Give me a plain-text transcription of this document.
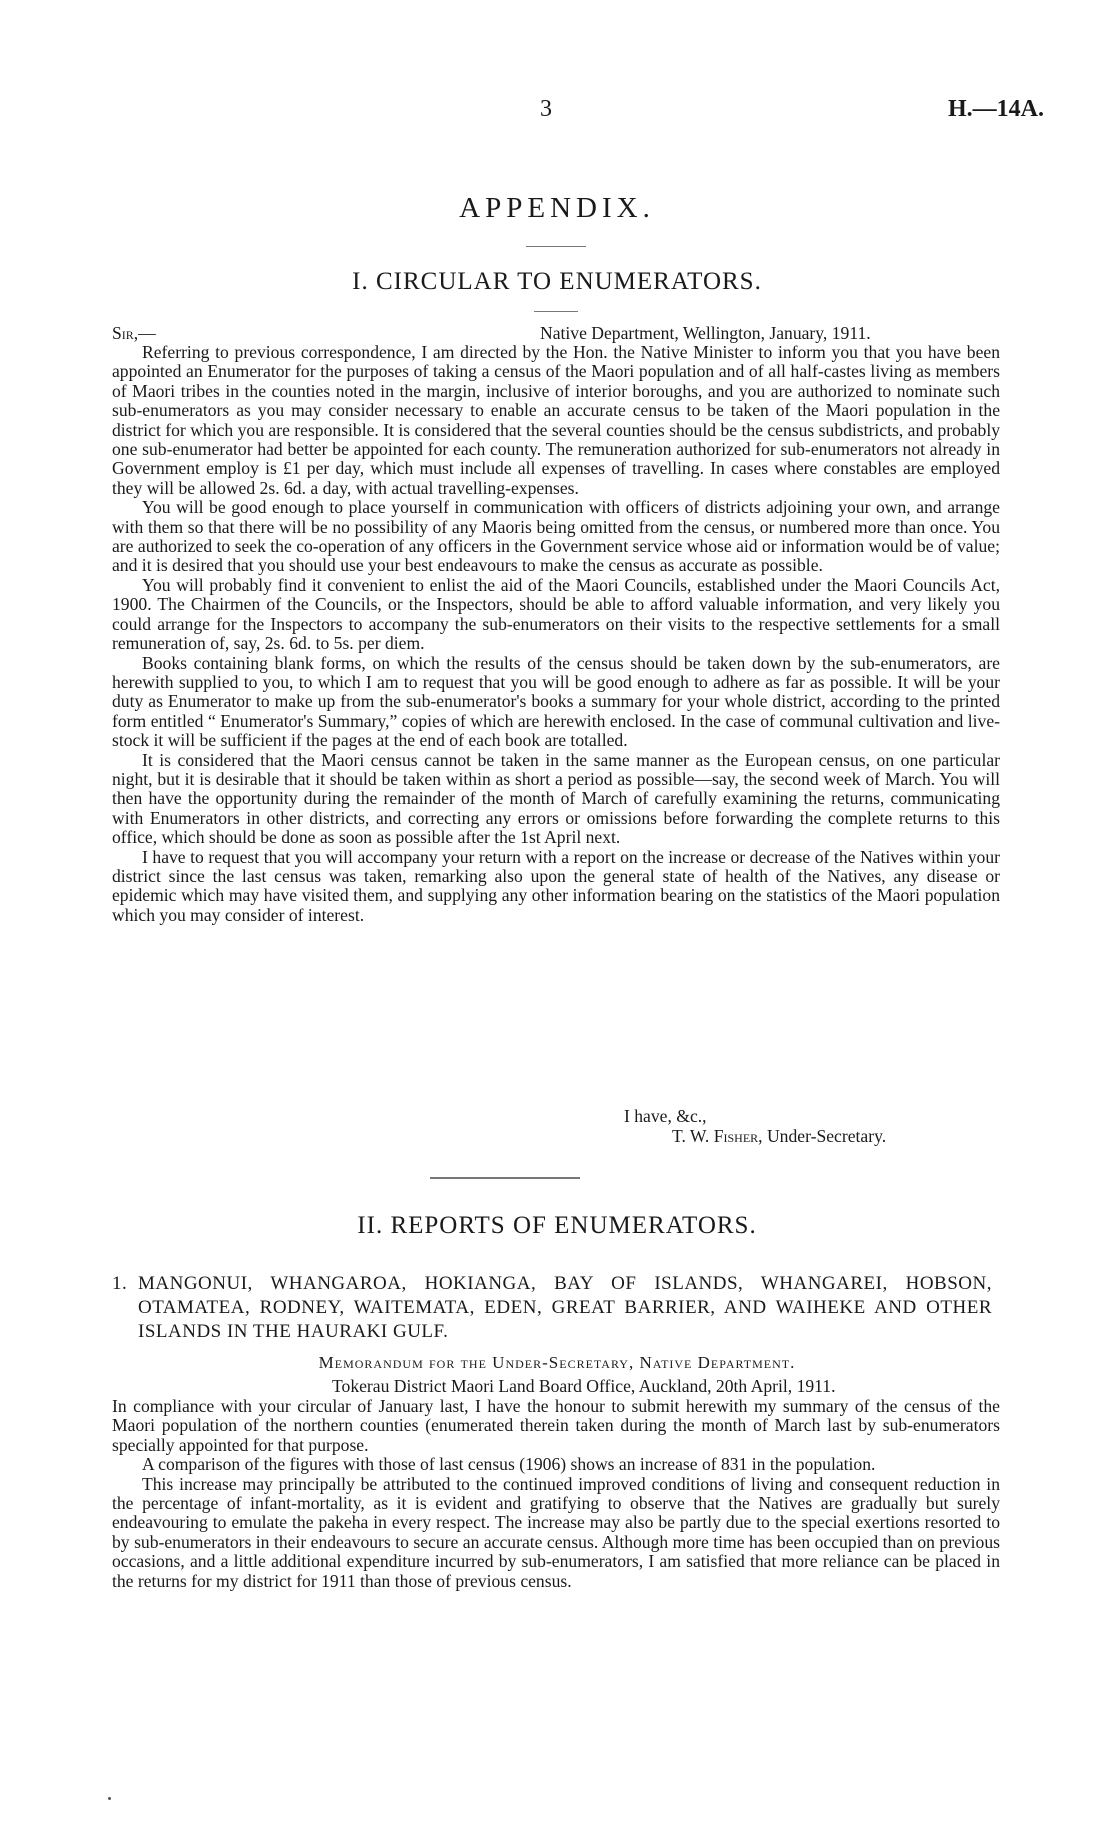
3	H.—14A.
APPENDIX.
I. CIRCULAR TO ENUMERATORS.
Sir,—	Native Department, Wellington, January, 1911.

Referring to previous correspondence, I am directed by the Hon. the Native Minister to inform you that you have been appointed an Enumerator for the purposes of taking a census of the Maori population and of all half-castes living as members of Maori tribes in the counties noted in the margin, inclusive of interior boroughs, and you are authorized to nominate such sub-enumerators as you may consider necessary to enable an accurate census to be taken of the Maori population in the district for which you are responsible. It is considered that the several counties should be the census subdistricts, and probably one sub-enumerator had better be appointed for each county. The remuneration authorized for sub-enumerators not already in Government employ is £1 per day, which must include all expenses of travelling. In cases where constables are employed they will be allowed 2s. 6d. a day, with actual travelling-expenses.

You will be good enough to place yourself in communication with officers of districts adjoining your own, and arrange with them so that there will be no possibility of any Maoris being omitted from the census, or numbered more than once. You are authorized to seek the co-operation of any officers in the Government service whose aid or information would be of value; and it is desired that you should use your best endeavours to make the census as accurate as possible.

You will probably find it convenient to enlist the aid of the Maori Councils, established under the Maori Councils Act, 1900. The Chairmen of the Councils, or the Inspectors, should be able to afford valuable information, and very likely you could arrange for the Inspectors to accompany the sub-enumerators on their visits to the respective settlements for a small remuneration of, say, 2s. 6d. to 5s. per diem.

Books containing blank forms, on which the results of the census should be taken down by the sub-enumerators, are herewith supplied to you, to which I am to request that you will be good enough to adhere as far as possible. It will be your duty as Enumerator to make up from the sub-enumerator's books a summary for your whole district, according to the printed form entitled “ Enumerator's Summary,” copies of which are herewith enclosed. In the case of communal cultivation and live-stock it will be sufficient if the pages at the end of each book are totalled.

It is considered that the Maori census cannot be taken in the same manner as the European census, on one particular night, but it is desirable that it should be taken within as short a period as possible—say, the second week of March. You will then have the opportunity during the remainder of the month of March of carefully examining the returns, communicating with Enumerators in other districts, and correcting any errors or omissions before forwarding the complete returns to this office, which should be done as soon as possible after the 1st April next.

I have to request that you will accompany your return with a report on the increase or decrease of the Natives within your district since the last census was taken, remarking also upon the general state of health of the Natives, any disease or epidemic which may have visited them, and supplying any other information bearing on the statistics of the Maori population which you may consider of interest.

I have, &c.,
T. W. Fisher, Under-Secretary.
II. REPORTS OF ENUMERATORS.
1. MANGONUI, WHANGAROA, HOKIANGA, BAY OF ISLANDS, WHANGAREI, HOBSON, OTAMATEA, RODNEY, WAITEMATA, EDEN, GREAT BARRIER, AND WAIHEKE AND OTHER ISLANDS IN THE HAURAKI GULF.
Memorandum for the Under-Secretary, Native Department.
Tokerau District Maori Land Board Office, Auckland, 20th April, 1911.

In compliance with your circular of January last, I have the honour to submit herewith my summary of the census of the Maori population of the northern counties (enumerated therein taken during the month of March last by sub-enumerators specially appointed for that purpose.

A comparison of the figures with those of last census (1906) shows an increase of 831 in the population.

This increase may principally be attributed to the continued improved conditions of living and consequent reduction in the percentage of infant-mortality, as it is evident and gratifying to observe that the Natives are gradually but surely endeavouring to emulate the pakeha in every respect. The increase may also be partly due to the special exertions resorted to by sub-enumerators in their endeavours to secure an accurate census. Although more time has been occupied than on previous occasions, and a little additional expenditure incurred by sub-enumerators, I am satisfied that more reliance can be placed in the returns for my district for 1911 than those of previous census.
